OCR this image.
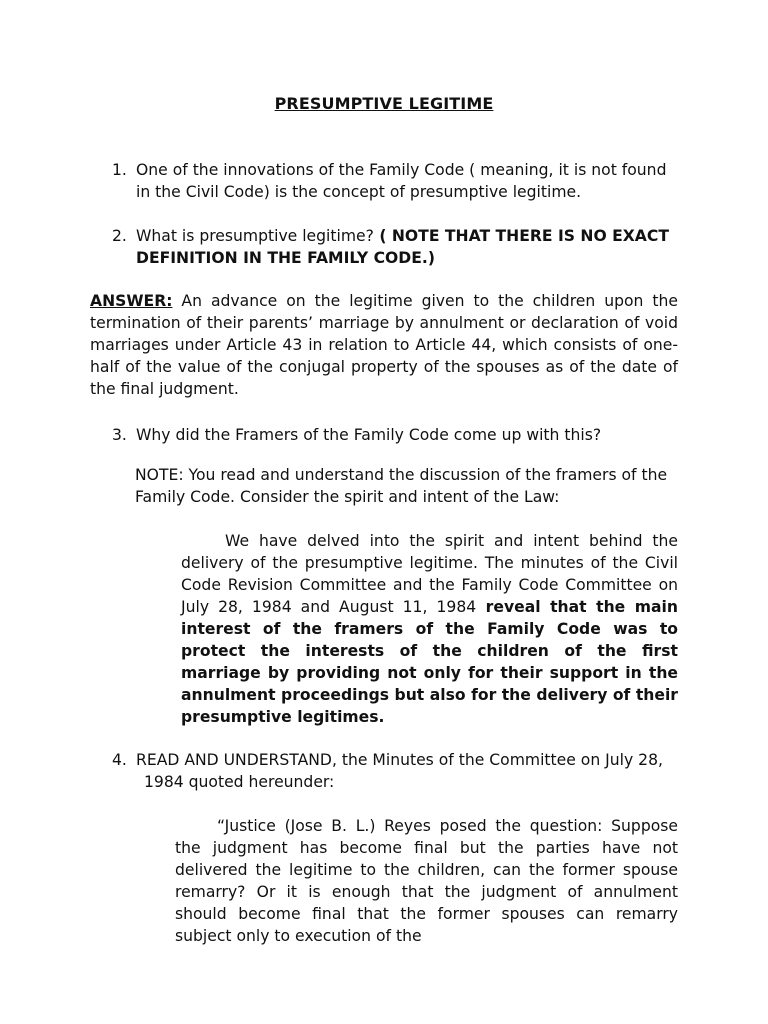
PRESUMPTIVE LEGITIME
1. One of the innovations of the Family Code ( meaning, it is not found in the Civil Code) is the concept of presumptive legitime.
2. What is presumptive legitime? ( NOTE THAT THERE IS NO EXACT DEFINITION IN THE FAMILY CODE.)
ANSWER: An advance on the legitime given to the children upon the termination of their parents’ marriage by annulment or declaration of void marriages under Article 43 in relation to Article 44, which consists of one-half of the value of the conjugal property of the spouses as of the date of the final judgment.
3. Why did the Framers of the Family Code come up with this?
NOTE: You read and understand the discussion of the framers of the Family Code. Consider the spirit and intent of the Law:
We have delved into the spirit and intent behind the delivery of the presumptive legitime. The minutes of the Civil Code Revision Committee and the Family Code Committee on July 28, 1984 and August 11, 1984 reveal that the main interest of the framers of the Family Code was to protect the interests of the children of the first marriage by providing not only for their support in the annulment proceedings but also for the delivery of their presumptive legitimes.
4. READ AND UNDERSTAND, the Minutes of the Committee on July 28,
1984 quoted hereunder:
“Justice (Jose B. L.) Reyes posed the question: Suppose the judgment has become final but the parties have not delivered the legitime to the children, can the former spouse remarry? Or it is enough that the judgment of annulment should become final that the former spouses can remarry subject only to execution of the
